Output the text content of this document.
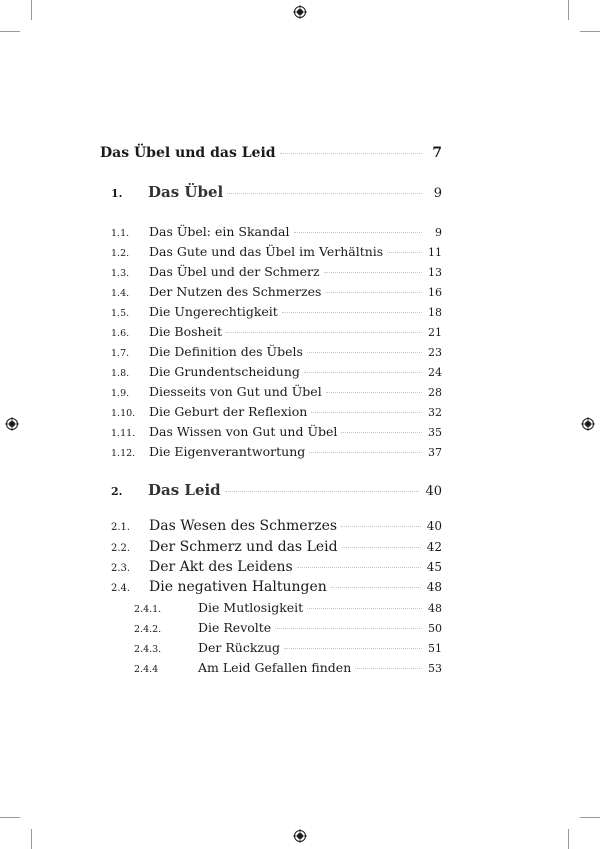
Das Übel und das Leid	7
1.	Das Übel	9
1.1.	Das Übel: ein Skandal	9
1.2.	Das Gute und das Übel im Verhältnis	11
1.3.	Das Übel und der Schmerz	13
1.4.	Der Nutzen des Schmerzes	16
1.5.	Die Ungerechtigkeit	18
1.6.	Die Bosheit	21
1.7.	Die Definition des Übels	23
1.8.	Die Grundentscheidung	24
1.9.	Diesseits von Gut und Übel	28
1.10.	Die Geburt der Reflexion	32
1.11.	Das Wissen von Gut und Übel	35
1.12.	Die Eigenverantwortung	37
2.	Das Leid	40
2.1.	Das Wesen des Schmerzes	40
2.2.	Der Schmerz und das Leid	42
2.3.	Der Akt des Leidens	45
2.4.	Die negativen Haltungen	48
2.4.1.	Die Mutlosigkeit	48
2.4.2.	Die Revolte	50
2.4.3.	Der Rückzug	51
2.4.4	Am Leid Gefallen finden	53
